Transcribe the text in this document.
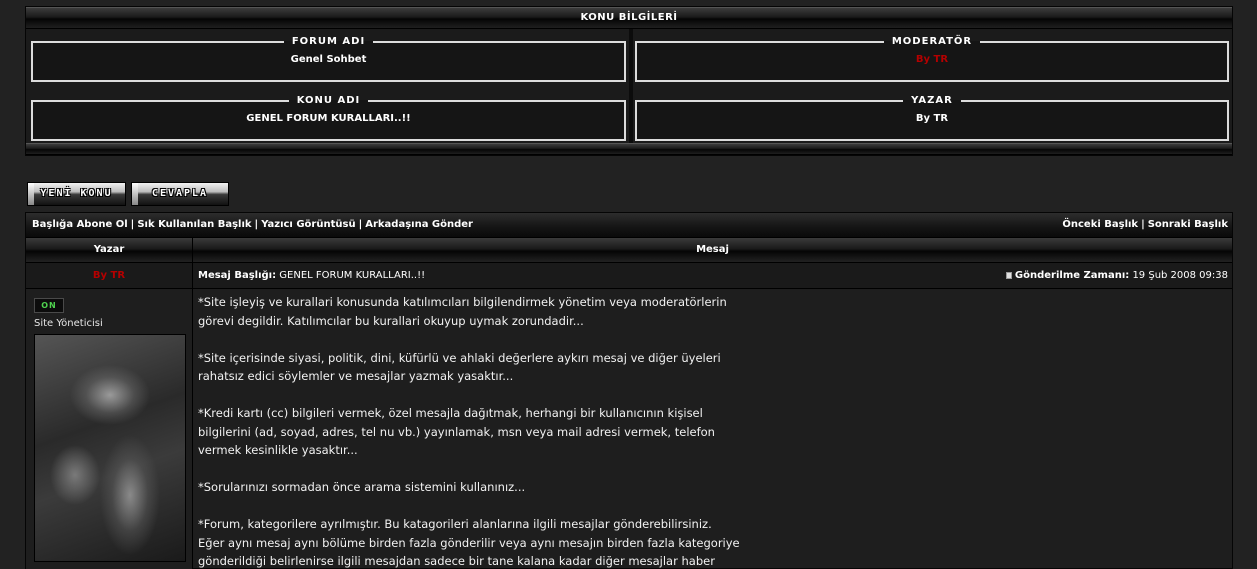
KONU BİLGİLERİ
FORUM ADI
Genel Sohbet
MODERATÖR
By TR
KONU ADI
GENEL FORUM KURALLARI..!!
YAZAR
By TR
YENİ KONU	CEVAPLA
Başlığa Abone Ol | Sık Kullanılan Başlık | Yazıcı Görüntüsü | Arkadaşına Gönder	Önceki Başlık | Sonraki Başlık
Yazar	Mesaj
By TR	Mesaj Başlığı: GENEL FORUM KURALLARI..!!	Gönderilme Zamanı: 19 Şub 2008 09:38
ON
Site Yöneticisi

*Site işleyiş ve kurallari konusunda katılımcıları bilgilendirmek yönetim veya moderatörlerin
görevi degildir. Katılımcılar bu kurallari okuyup uymak zorundadir...

*Site içerisinde siyasi, politik, dini, küfürlü ve ahlaki değerlere aykırı mesaj ve diğer üyeleri
rahatsız edici söylemler ve mesajlar yazmak yasaktır...

*Kredi kartı (cc) bilgileri vermek, özel mesajla dağıtmak, herhangi bir kullanıcının kişisel
bilgilerini (ad, soyad, adres, tel nu vb.) yayınlamak, msn veya mail adresi vermek, telefon
vermek kesinlikle yasaktır...

*Sorularınızı sormadan önce arama sistemini kullanınız...

*Forum, kategorilere ayrılmıştır. Bu katagorileri alanlarına ilgili mesajlar gönderebilirsiniz.
Eğer aynı mesaj aynı bölüme birden fazla gönderilir veya aynı mesajın birden fazla kategoriye
gönderildiği belirlenirse ilgili mesajdan sadece bir tane kalana kadar diğer mesajlar haber
